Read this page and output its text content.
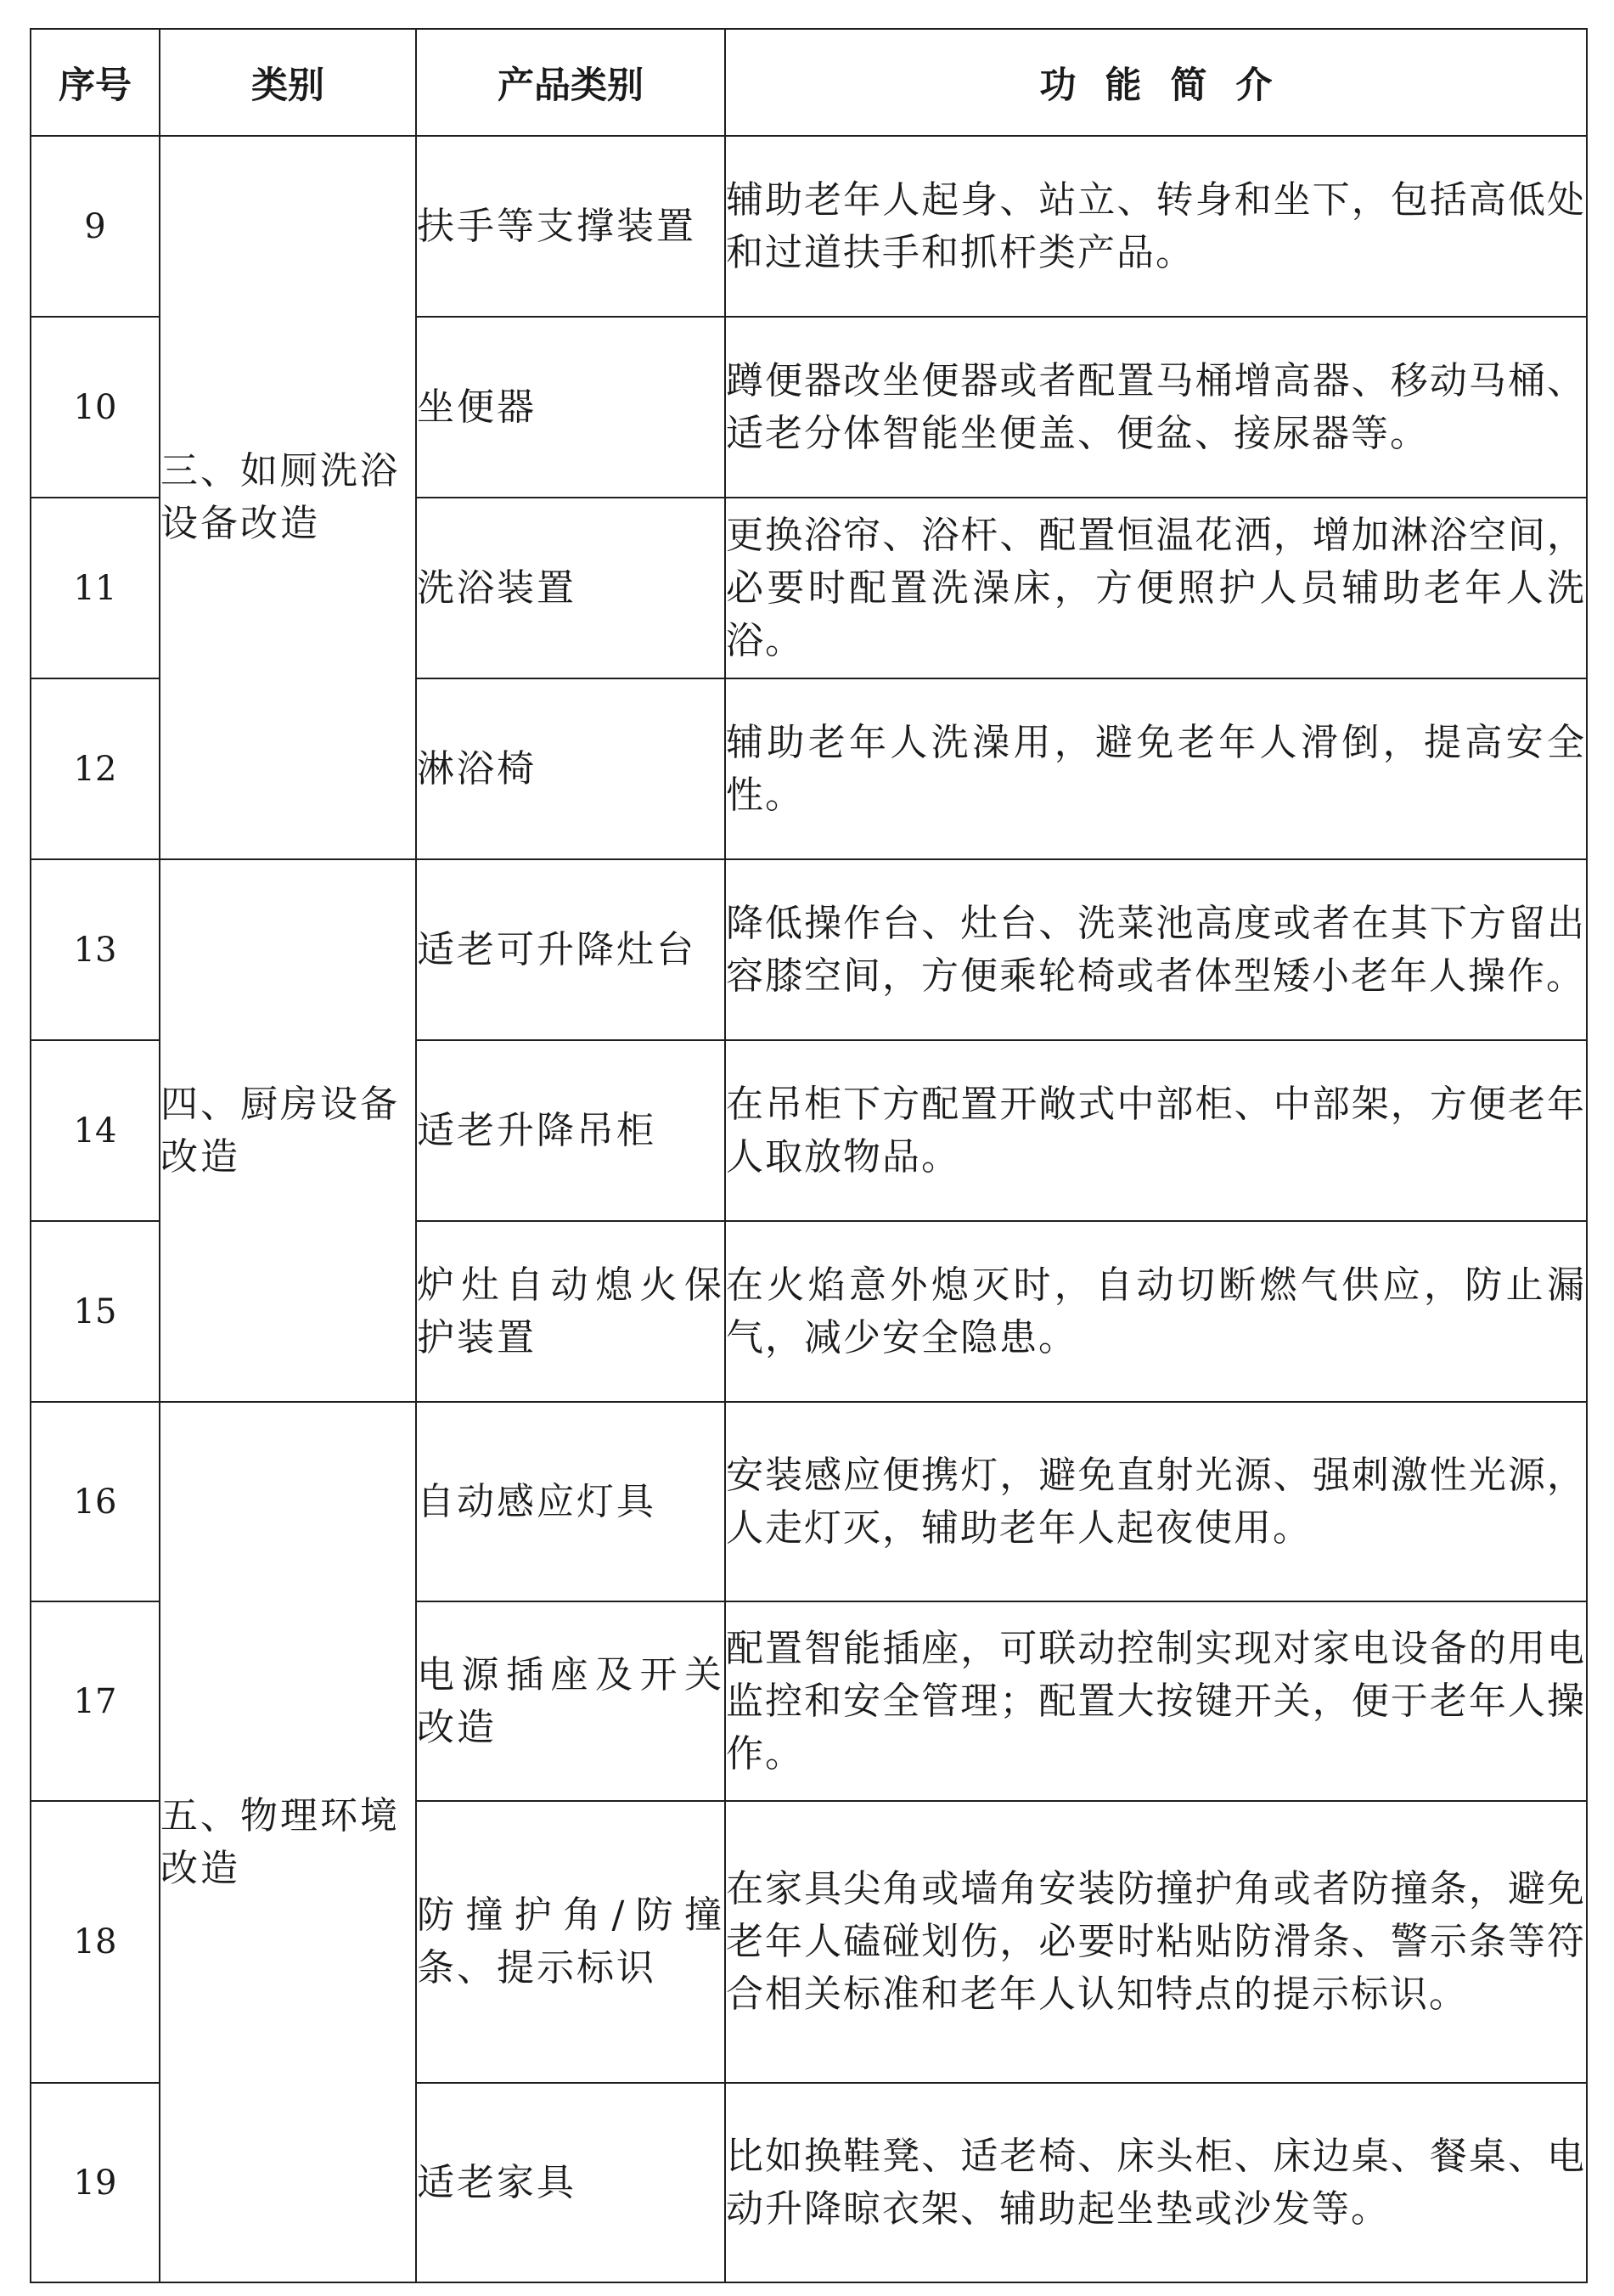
序号	类别	产品类别	功能简介
9	三、如厕洗浴设备改造	扶手等支撑装置	辅助老年人起身、站立、转身和坐下，包括高低处和过道扶手和抓杆类产品。
10		坐便器	蹲便器改坐便器或者配置马桶增高器、移动马桶、适老分体智能坐便盖、便盆、接尿器等。
11		洗浴装置	更换浴帘、浴杆、配置恒温花洒，增加淋浴空间，必要时配置洗澡床，方便照护人员辅助老年人洗浴。
12		淋浴椅	辅助老年人洗澡用，避免老年人滑倒，提高安全性。
13	四、厨房设备改造	适老可升降灶台	降低操作台、灶台、洗菜池高度或者在其下方留出容膝空间，方便乘轮椅或者体型矮小老年人操作。
14		适老升降吊柜	在吊柜下方配置开敞式中部柜、中部架，方便老年人取放物品。
15		炉灶自动熄火保护装置	在火焰意外熄灭时，自动切断燃气供应，防止漏气，减少安全隐患。
16	五、物理环境改造	自动感应灯具	安装感应便携灯，避免直射光源、强刺激性光源，人走灯灭，辅助老年人起夜使用。
17		电源插座及开关改造	配置智能插座，可联动控制实现对家电设备的用电监控和安全管理；配置大按键开关，便于老年人操作。
18		防撞护角/防撞条、提示标识	在家具尖角或墙角安装防撞护角或者防撞条，避免老年人磕碰划伤，必要时粘贴防滑条、警示条等符合相关标准和老年人认知特点的提示标识。
19		适老家具	比如换鞋凳、适老椅、床头柜、床边桌、餐桌、电动升降晾衣架、辅助起坐垫或沙发等。
